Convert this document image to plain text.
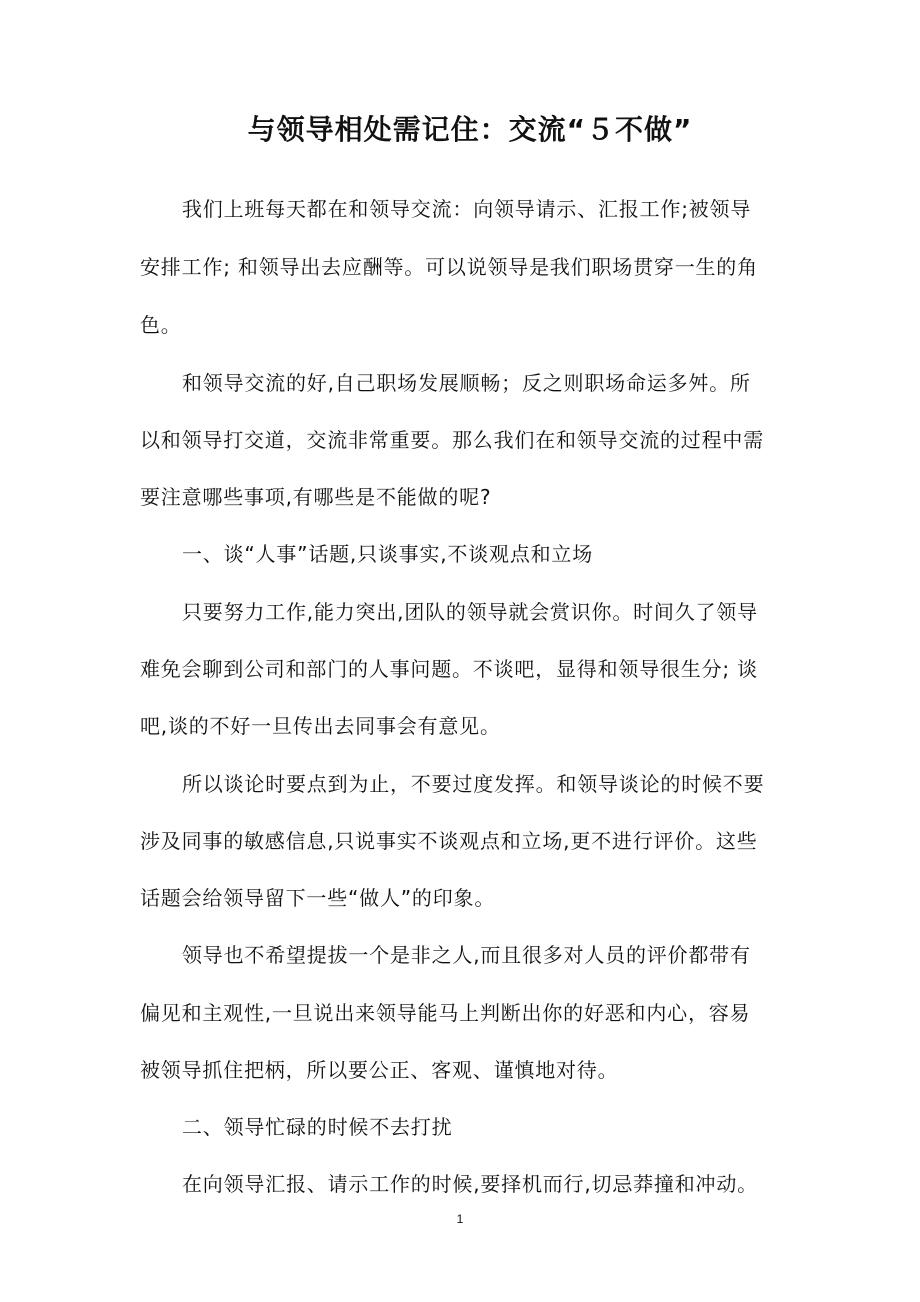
与领导相处需记住：交流“５不做”
我们上班每天都在和领导交流：向领导请示、汇报工作;被领导
安排工作; 和领导出去应酬等。可以说领导是我们职场贯穿一生的角
色。
和领导交流的好,自己职场发展顺畅；反之则职场命运多舛。所
以和领导打交道，交流非常重要。那么我们在和领导交流的过程中需
要注意哪些事项,有哪些是不能做的呢?
一、谈“人事”话题,只谈事实,不谈观点和立场
只要努力工作,能力突出,团队的领导就会赏识你。时间久了领导
难免会聊到公司和部门的人事问题。不谈吧，显得和领导很生分; 谈
吧,谈的不好一旦传出去同事会有意见。
所以谈论时要点到为止，不要过度发挥。和领导谈论的时候不要
涉及同事的敏感信息,只说事实不谈观点和立场,更不进行评价。这些
话题会给领导留下一些“做人”的印象。
领导也不希望提拔一个是非之人,而且很多对人员的评价都带有
偏见和主观性,一旦说出来领导能马上判断出你的好恶和内心，容易
被领导抓住把柄，所以要公正、客观、谨慎地对待。
二、领导忙碌的时候不去打扰
在向领导汇报、请示工作的时候,要择机而行,切忌莽撞和冲动。
1
